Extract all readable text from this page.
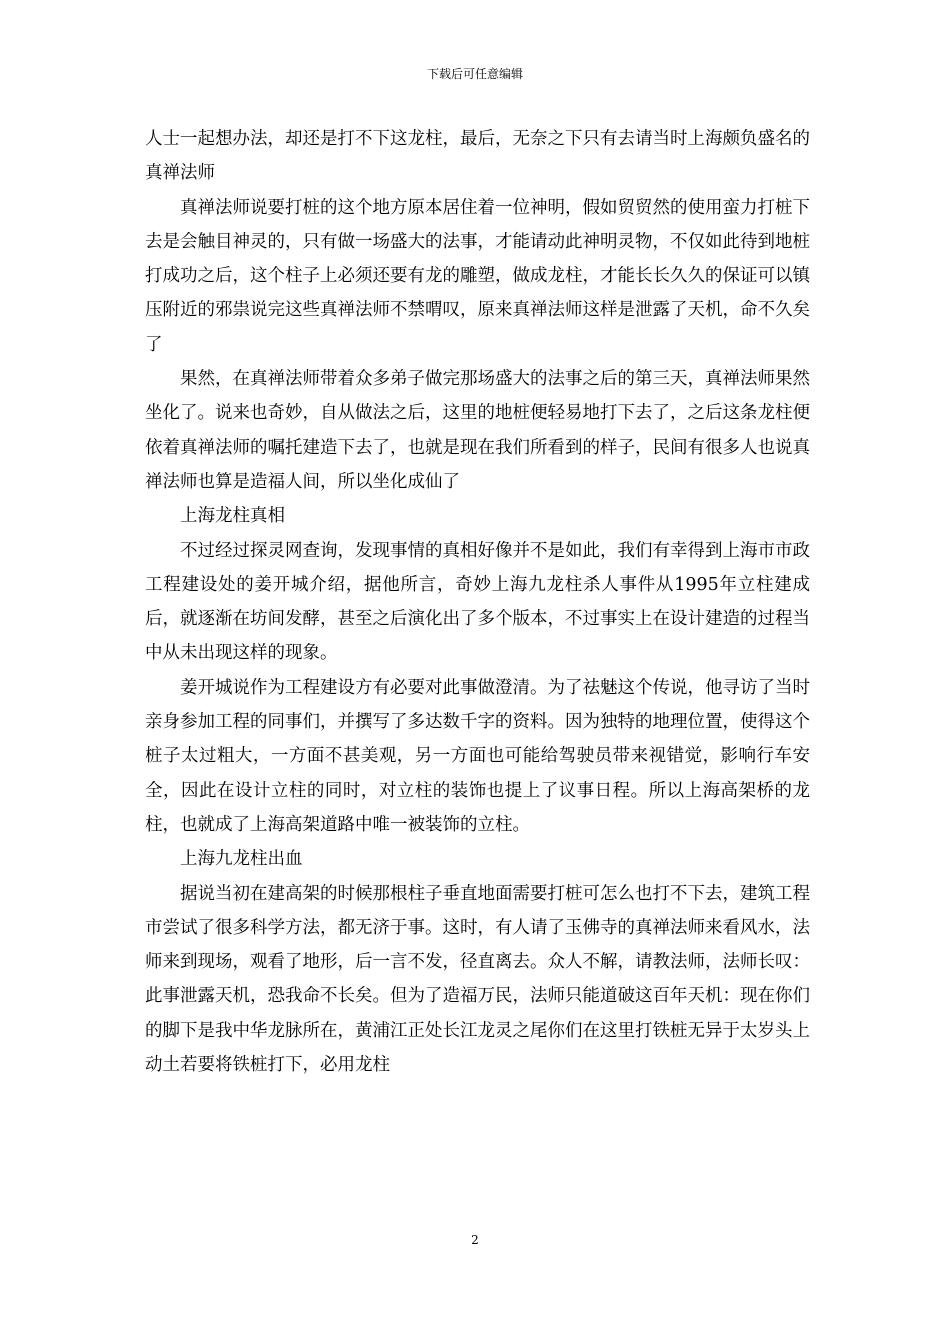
下载后可任意编辑

人士一起想办法，却还是打不下这龙柱，最后，无奈之下只有去请当时上海颇负盛名的真禅法师

真禅法师说要打桩的这个地方原本居住着一位神明，假如贸贸然的使用蛮力打桩下去是会触目神灵的，只有做一场盛大的法事，才能请动此神明灵物，不仅如此待到地桩打成功之后，这个柱子上必须还要有龙的雕塑，做成龙柱，才能长长久久的保证可以镇压附近的邪祟说完这些真禅法师不禁喟叹，原来真禅法师这样是泄露了天机，命不久矣了

果然，在真禅法师带着众多弟子做完那场盛大的法事之后的第三天，真禅法师果然坐化了。说来也奇妙，自从做法之后，这里的地桩便轻易地打下去了，之后这条龙柱便依着真禅法师的嘱托建造下去了，也就是现在我们所看到的样子，民间有很多人也说真禅法师也算是造福人间，所以坐化成仙了

上海龙柱真相

不过经过探灵网查询，发现事情的真相好像并不是如此，我们有幸得到上海市市政工程建设处的姜开城介绍，据他所言，奇妙上海九龙柱杀人事件从1995年立柱建成后，就逐渐在坊间发酵，甚至之后演化出了多个版本，不过事实上在设计建造的过程当中从未出现这样的现象。

姜开城说作为工程建设方有必要对此事做澄清。为了祛魅这个传说，他寻访了当时亲身参加工程的同事们，并撰写了多达数千字的资料。因为独特的地理位置，使得这个桩子太过粗大，一方面不甚美观，另一方面也可能给驾驶员带来视错觉，影响行车安全，因此在设计立柱的同时，对立柱的装饰也提上了议事日程。所以上海高架桥的龙柱，也就成了上海高架道路中唯一被装饰的立柱。

上海九龙柱出血

据说当初在建高架的时候那根柱子垂直地面需要打桩可怎么也打不下去，建筑工程市尝试了很多科学方法，都无济于事。这时，有人请了玉佛寺的真禅法师来看风水，法师来到现场，观看了地形，后一言不发，径直离去。众人不解，请教法师，法师长叹：此事泄露天机，恐我命不长矣。但为了造福万民，法师只能道破这百年天机：现在你们的脚下是我中华龙脉所在，黄浦江正处长江龙灵之尾你们在这里打铁桩无异于太岁头上动土若要将铁桩打下，必用龙柱

2
